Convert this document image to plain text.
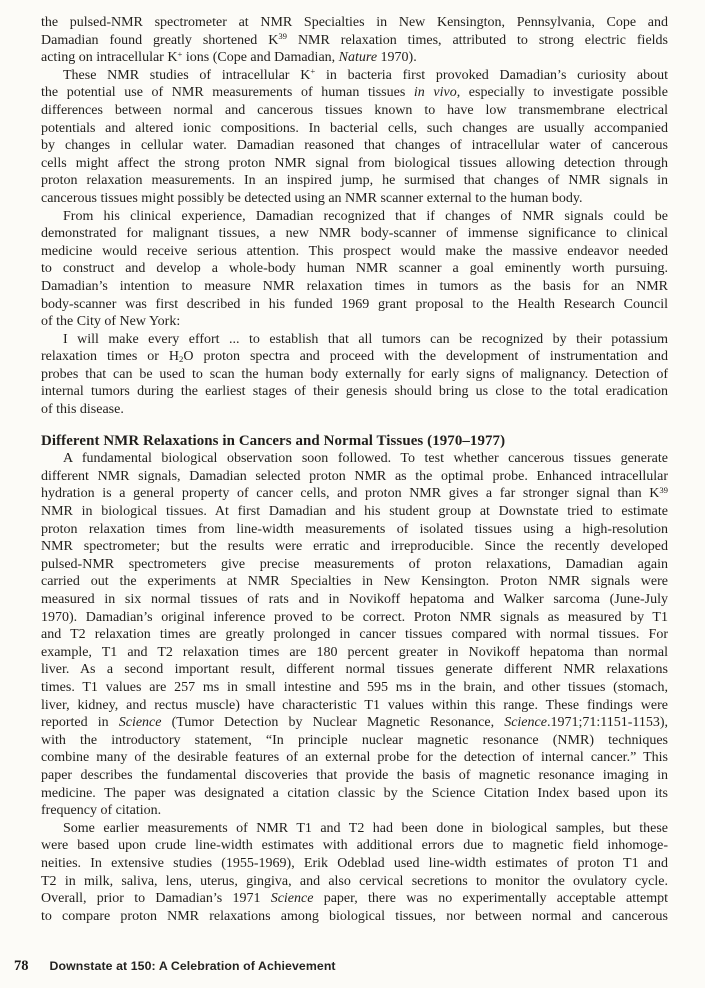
the pulsed-NMR spectrometer at NMR Specialties in New Kensington, Pennsylvania, Cope and
Damadian found greatly shortened $K^{39}$ NMR relaxation times, attributed to strong electric fields
acting on intracellular K+ ions (Cope and Damadian, Nature 1970).
These NMR studies of intracellular K+ in bacteria first provoked Damadian’s curiosity about
the potential use of NMR measurements of human tissues in vivo, especially to investigate possible
differences between normal and cancerous tissues known to have low transmembrane electrical
potentials and altered ionic compositions. In bacterial cells, such changes are usually accompanied
by changes in cellular water. Damadian reasoned that changes of intracellular water of cancerous
cells might affect the strong proton NMR signal from biological tissues allowing detection through
proton relaxation measurements. In an inspired jump, he surmised that changes of NMR signals in
cancerous tissues might possibly be detected using an NMR scanner external to the human body.
From his clinical experience, Damadian recognized that if changes of NMR signals could be
demonstrated for malignant tissues, a new NMR body-scanner of immense significance to clinical
medicine would receive serious attention. This prospect would make the massive endeavor needed
to construct and develop a whole-body human NMR scanner a goal eminently worth pursuing.
Damadian’s intention to measure NMR relaxation times in tumors as the basis for an NMR
body-scanner was first described in his funded 1969 grant proposal to the Health Research Council
of the City of New York:
I will make every effort ... to establish that all tumors can be recognized by their potassium
relaxation times or $H_2O$ proton spectra and proceed with the development of instrumentation and
probes that can be used to scan the human body externally for early signs of malignancy. Detection of
internal tumors during the earliest stages of their genesis should bring us close to the total eradication
of this disease.
Different NMR Relaxations in Cancers and Normal Tissues (1970–1977)
A fundamental biological observation soon followed. To test whether cancerous tissues generate
different NMR signals, Damadian selected proton NMR as the optimal probe. Enhanced intracellular
hydration is a general property of cancer cells, and proton NMR gives a far stronger signal than $K^{39}$
NMR in biological tissues. At first Damadian and his student group at Downstate tried to estimate
proton relaxation times from line-width measurements of isolated tissues using a high-resolution
NMR spectrometer; but the results were erratic and irreproducible. Since the recently developed
pulsed-NMR spectrometers give precise measurements of proton relaxations, Damadian again
carried out the experiments at NMR Specialties in New Kensington. Proton NMR signals were
measured in six normal tissues of rats and in Novikoff hepatoma and Walker sarcoma (June-July
1970). Damadian’s original inference proved to be correct. Proton NMR signals as measured by T1
and T2 relaxation times are greatly prolonged in cancer tissues compared with normal tissues. For
example, T1 and T2 relaxation times are 180 percent greater in Novikoff hepatoma than normal
liver. As a second important result, different normal tissues generate different NMR relaxations
times. T1 values are 257 ms in small intestine and 595 ms in the brain, and other tissues (stomach,
liver, kidney, and rectus muscle) have characteristic T1 values within this range. These findings were
reported in Science (Tumor Detection by Nuclear Magnetic Resonance, Science.1971;71:1151-1153),
with the introductory statement, “In principle nuclear magnetic resonance (NMR) techniques
combine many of the desirable features of an external probe for the detection of internal cancer.” This
paper describes the fundamental discoveries that provide the basis of magnetic resonance imaging in
medicine. The paper was designated a citation classic by the Science Citation Index based upon its
frequency of citation.
Some earlier measurements of NMR T1 and T2 had been done in biological samples, but these
were based upon crude line-width estimates with additional errors due to magnetic field inhomoge-
neities. In extensive studies (1955-1969), Erik Odeblad used line-width estimates of proton T1 and
T2 in milk, saliva, lens, uterus, gingiva, and also cervical secretions to monitor the ovulatory cycle.
Overall, prior to Damadian’s 1971 Science paper, there was no experimentally acceptable attempt
to compare proton NMR relaxations among biological tissues, nor between normal and cancerous
78 Downstate at 150: A Celebration of Achievement
